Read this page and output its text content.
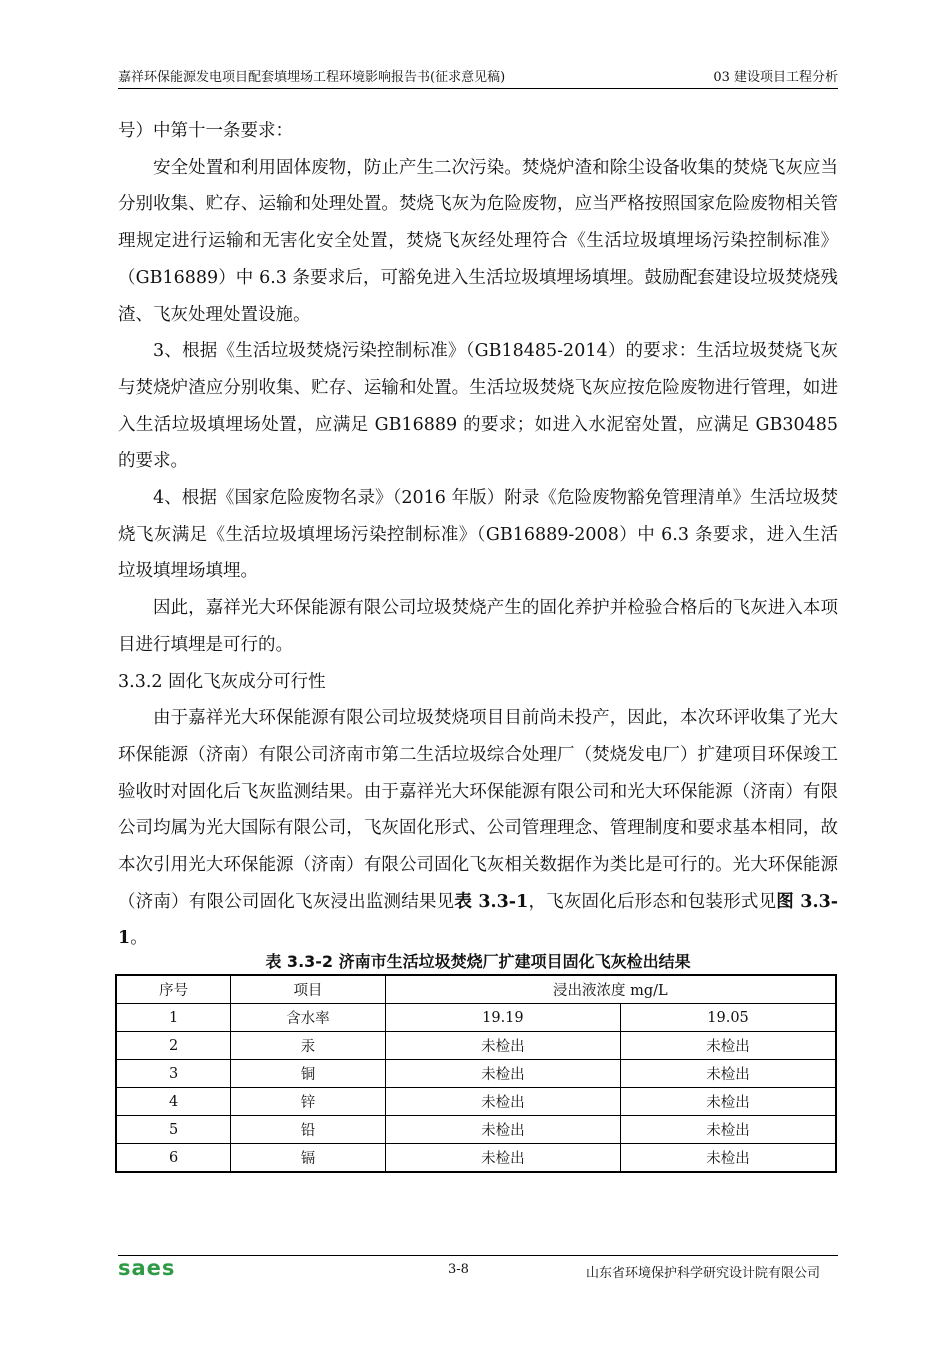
嘉祥环保能源发电项目配套填埋场工程环境影响报告书(征求意见稿)	03 建设项目工程分析

号）中第十一条要求：

安全处置和利用固体废物，防止产生二次污染。焚烧炉渣和除尘设备收集的焚烧飞灰应当分别收集、贮存、运输和处理处置。焚烧飞灰为危险废物，应当严格按照国家危险废物相关管理规定进行运输和无害化安全处置，焚烧飞灰经处理符合《生活垃圾填埋场污染控制标准》（GB16889）中 6.3 条要求后，可豁免进入生活垃圾填埋场填埋。鼓励配套建设垃圾焚烧残渣、飞灰处理处置设施。

3、根据《生活垃圾焚烧污染控制标准》（GB18485-2014）的要求：生活垃圾焚烧飞灰与焚烧炉渣应分别收集、贮存、运输和处置。生活垃圾焚烧飞灰应按危险废物进行管理，如进入生活垃圾填埋场处置，应满足 GB16889 的要求；如进入水泥窑处置，应满足 GB30485 的要求。

4、根据《国家危险废物名录》（2016 年版）附录《危险废物豁免管理清单》生活垃圾焚烧飞灰满足《生活垃圾填埋场污染控制标准》（GB16889-2008）中 6.3 条要求，进入生活垃圾填埋场填埋。

因此，嘉祥光大环保能源有限公司垃圾焚烧产生的固化养护并检验合格后的飞灰进入本项目进行填埋是可行的。

3.3.2 固化飞灰成分可行性

由于嘉祥光大环保能源有限公司垃圾焚烧项目目前尚未投产，因此，本次环评收集了光大环保能源（济南）有限公司济南市第二生活垃圾综合处理厂（焚烧发电厂）扩建项目环保竣工验收时对固化后飞灰监测结果。由于嘉祥光大环保能源有限公司和光大环保能源（济南）有限公司均属为光大国际有限公司，飞灰固化形式、公司管理理念、管理制度和要求基本相同，故本次引用光大环保能源（济南）有限公司固化飞灰相关数据作为类比是可行的。光大环保能源（济南）有限公司固化飞灰浸出监测结果见表 3.3-1，飞灰固化后形态和包装形式见图 3.3-1。

表 3.3-2 济南市生活垃圾焚烧厂扩建项目固化飞灰检出结果
序号	项目	浸出液浓度 mg/L	
1	含水率	19.19	19.05
2	汞	未检出	未检出
3	铜	未检出	未检出
4	锌	未检出	未检出
5	铅	未检出	未检出
6	镉	未检出	未检出
saes	3-8	山东省环境保护科学研究设计院有限公司
